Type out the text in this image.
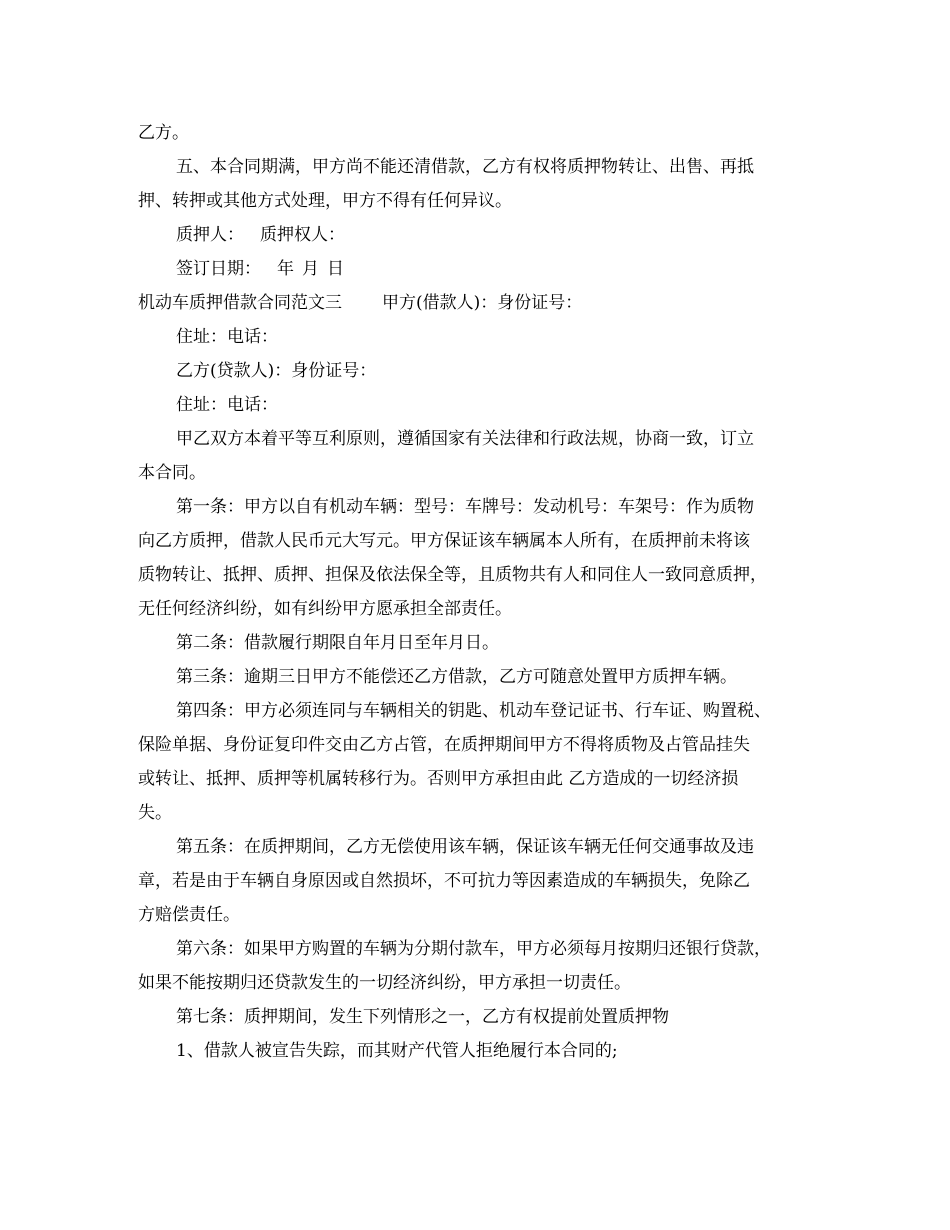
乙方。
五、本合同期满，甲方尚不能还清借款，乙方有权将质押物转让、出售、再抵
押、转押或其他方式处理，甲方不得有任何异议。
质押人： 质押权人：
签订日期： 年 月 日
机动车质押借款合同范文三 甲方(借款人)：身份证号：
住址：电话：
乙方(贷款人)：身份证号：
住址：电话：
甲乙双方本着平等互利原则，遵循国家有关法律和行政法规，协商一致，订立
本合同。
第一条：甲方以自有机动车辆：型号：车牌号：发动机号：车架号：作为质物
向乙方质押，借款人民币元大写元。甲方保证该车辆属本人所有，在质押前未将该
质物转让、抵押、质押、担保及依法保全等，且质物共有人和同住人一致同意质押，
无任何经济纠纷，如有纠纷甲方愿承担全部责任。
第二条：借款履行期限自年月日至年月日。
第三条：逾期三日甲方不能偿还乙方借款，乙方可随意处置甲方质押车辆。
第四条：甲方必须连同与车辆相关的钥匙、机动车登记证书、行车证、购置税、
保险单据、身份证复印件交由乙方占管，在质押期间甲方不得将质物及占管品挂失
或转让、抵押、质押等机属转移行为。否则甲方承担由此 乙方造成的一切经济损
失。
第五条：在质押期间，乙方无偿使用该车辆，保证该车辆无任何交通事故及违
章，若是由于车辆自身原因或自然损坏，不可抗力等因素造成的车辆损失，免除乙
方赔偿责任。
第六条：如果甲方购置的车辆为分期付款车，甲方必须每月按期归还银行贷款，
如果不能按期归还贷款发生的一切经济纠纷，甲方承担一切责任。
第七条：质押期间，发生下列情形之一，乙方有权提前处置质押物
1、借款人被宣告失踪，而其财产代管人拒绝履行本合同的;
